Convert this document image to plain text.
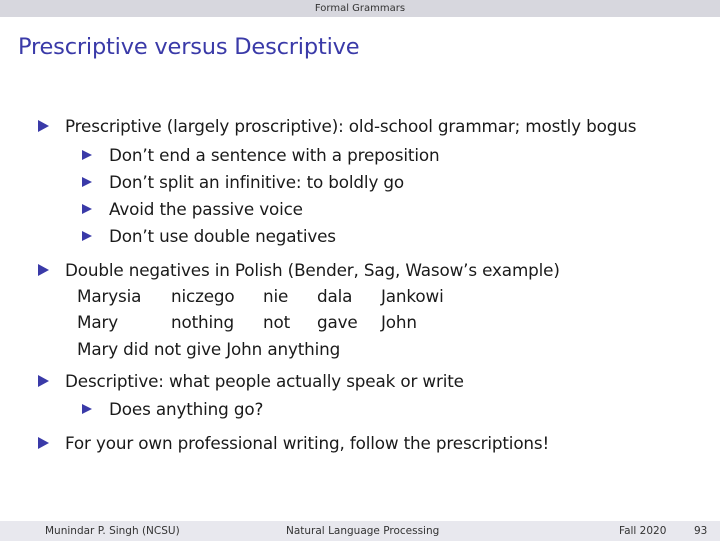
Formal Grammars
Prescriptive versus Descriptive
Prescriptive (largely proscriptive): old-school grammar; mostly bogus
Don’t end a sentence with a preposition
Don’t split an infinitive: to boldly go
Avoid the passive voice
Don’t use double negatives
Double negatives in Polish (Bender, Sag, Wasow’s example)
Marysia	niczego	nie	dala	Jankowi
Mary	nothing	not	gave	John
Mary did not give John anything
Descriptive: what people actually speak or write
Does anything go?
For your own professional writing, follow the prescriptions!
Munindar P. Singh (NCSU)	Natural Language Processing	Fall 2020	93
